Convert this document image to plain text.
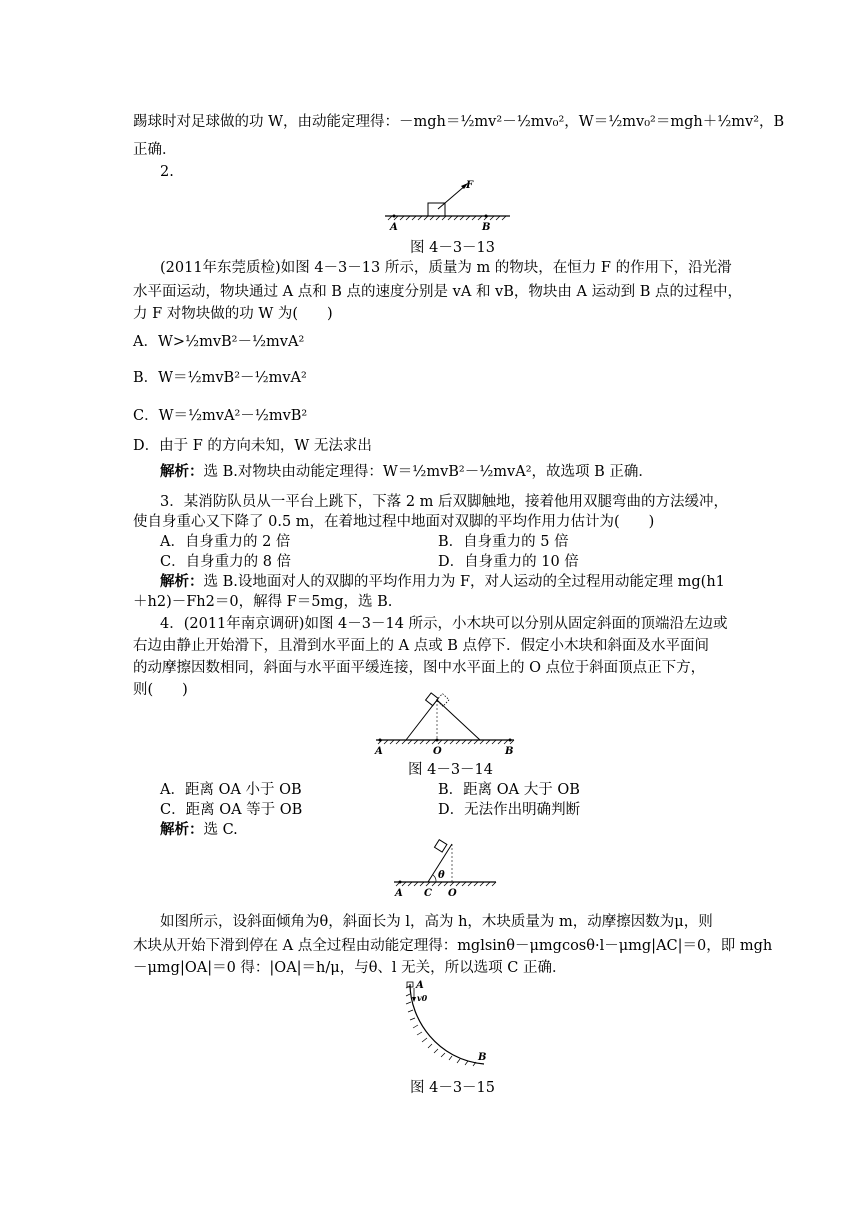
踢球时对足球做的功 W，由动能定理得：－mgh＝½mv²－½mv₀²，W＝½mv₀²＝mgh＋½mv²，B
正确．
2.
A	B
F
图 4－3－13
(2011年东莞质检)如图 4－3－13 所示，质量为 m 的物块，在恒力 F 的作用下，沿光滑
水平面运动，物块通过 A 点和 B 点的速度分别是 vA 和 vB，物块由 A 运动到 B 点的过程中，
力 F 对物块做的功 W 为(　　)
A．W>½mvB²－½mvA²
B．W＝½mvB²－½mvA²
C．W＝½mvA²－½mvB²
D．由于 F 的方向未知，W 无法求出
解析：选 B.对物块由动能定理得：W＝½mvB²－½mvA²，故选项 B 正确．
3．某消防队员从一平台上跳下，下落 2 m 后双脚触地，接着他用双腿弯曲的方法缓冲，
使自身重心又下降了 0.5 m，在着地过程中地面对双脚的平均作用力估计为(　　)
A．自身重力的 2 倍	B．自身重力的 5 倍
C．自身重力的 8 倍	D．自身重力的 10 倍
解析：选 B.设地面对人的双脚的平均作用力为 F，对人运动的全过程用动能定理 mg(h1
＋h2)－Fh2＝0，解得 F＝5mg，选 B.
4．(2011年南京调研)如图 4－3－14 所示，小木块可以分别从固定斜面的顶端沿左边或
右边由静止开始滑下，且滑到水平面上的 A 点或 B 点停下．假定小木块和斜面及水平面间
的动摩擦因数相同，斜面与水平面平缓连接，图中水平面上的 O 点位于斜面顶点正下方，
则(　　)
A	O	B
图 4－3－14
A．距离 OA 小于 OB	B．距离 OA 大于 OB
C．距离 OA 等于 OB	D．无法作出明确判断
解析：选 C.
θ
A C O
如图所示，设斜面倾角为θ，斜面长为 l，高为 h，木块质量为 m，动摩擦因数为μ，则
木块从开始下滑到停在 A 点全过程由动能定理得：mglsinθ－μmgcosθ·l－μmg|AC|＝0，即 mgh
－μmg|OA|＝0 得：|OA|＝h/μ，与θ、l 无关，所以选项 C 正确．
A
v0
B
图 4－3－15
